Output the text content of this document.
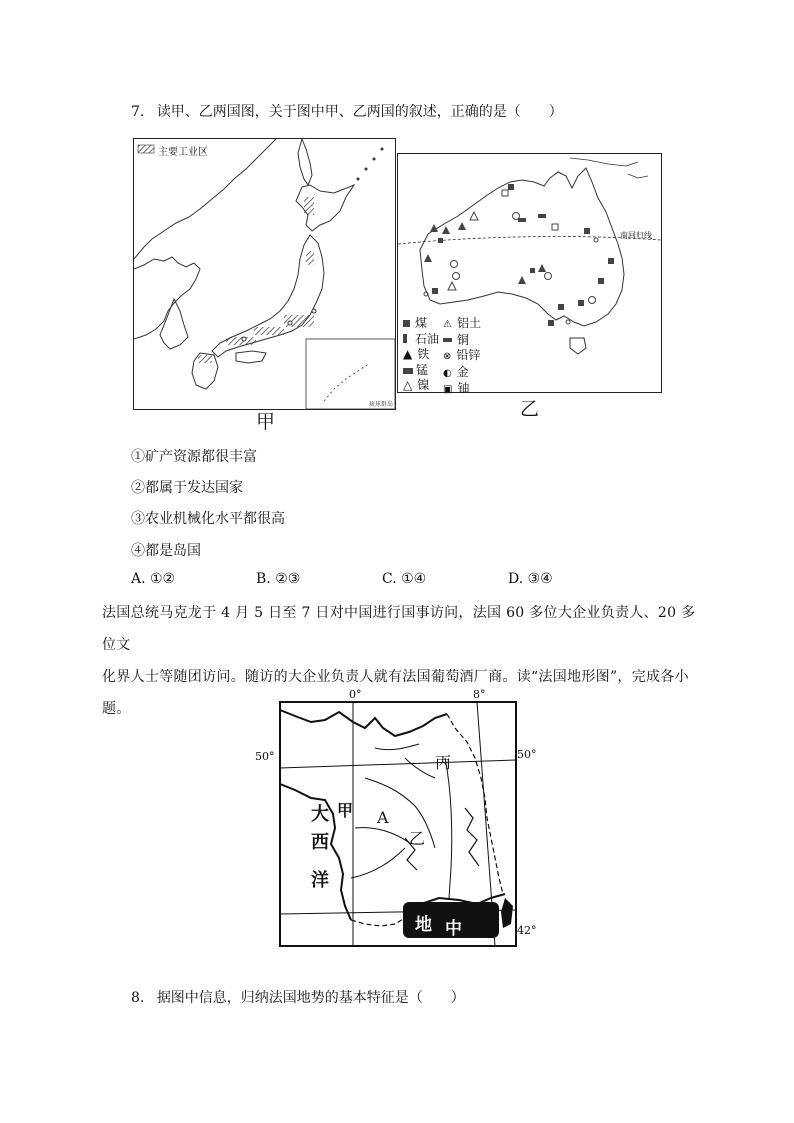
7. 读甲、乙两国图，关于图中甲、乙两国的叙述，正确的是（　　）
主要工业区
琉球群岛
甲
南回归线
乙
煤
石油
▲ 铁
锰
△ 镍
⚠ 铝土
铜
⊗ 铅锌
◐ 金
▣ 铀
①矿产资源都很丰富
②都属于发达国家
③农业机械化水平都很高
④都是岛国
A. ①②	B. ②③	C. ①④	D. ③④
法国总统马克龙于 4 月 5 日至 7 日对中国进行国事访问，法国 60 多位大企业负责人、20 多位文
化界人士等随团访问。随访的大企业负责人就有法国葡萄酒厂商。读“法国地形图”，完成各小
题。
0°	8°
50°	50°
42°
大
西
洋
甲 A
乙
丙
地 中
海
8. 据图中信息，归纳法国地势的基本特征是（　　）
